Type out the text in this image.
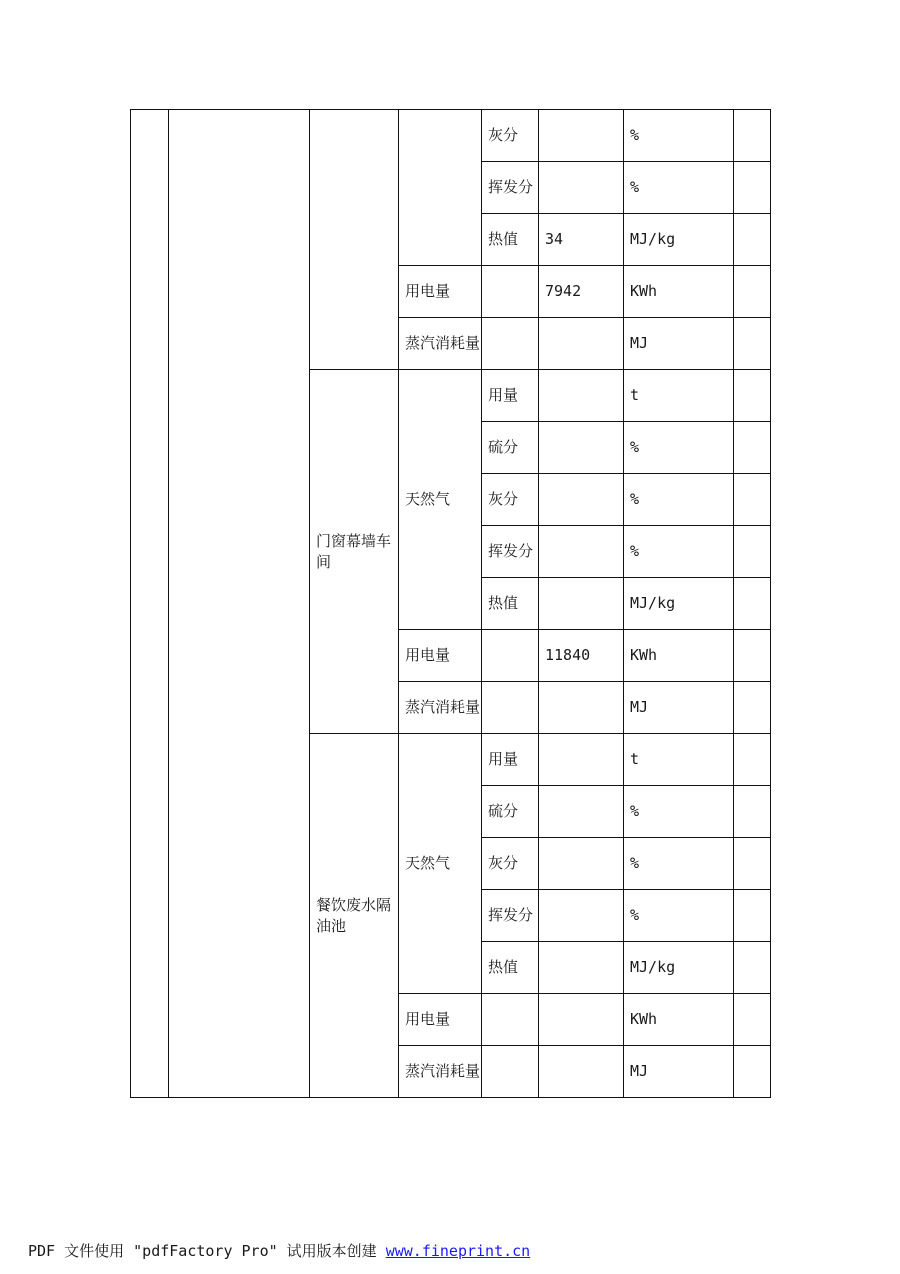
				灰分		%	
				挥发分		%	
				热值	34	MJ/kg	
			用电量		7942	KWh	
			蒸汽消耗量			MJ	
		门窗幕墙车间	天然气	用量		t	
				硫分		%	
				灰分		%	
				挥发分		%	
				热值		MJ/kg	
			用电量		11840	KWh	
			蒸汽消耗量			MJ	
		餐饮废水隔油池	天然气	用量		t	
				硫分		%	
				灰分		%	
				挥发分		%	
				热值		MJ/kg	
			用电量			KWh	
			蒸汽消耗量			MJ	
PDF 文件使用 "pdfFactory Pro" 试用版本创建 www.fineprint.cn
